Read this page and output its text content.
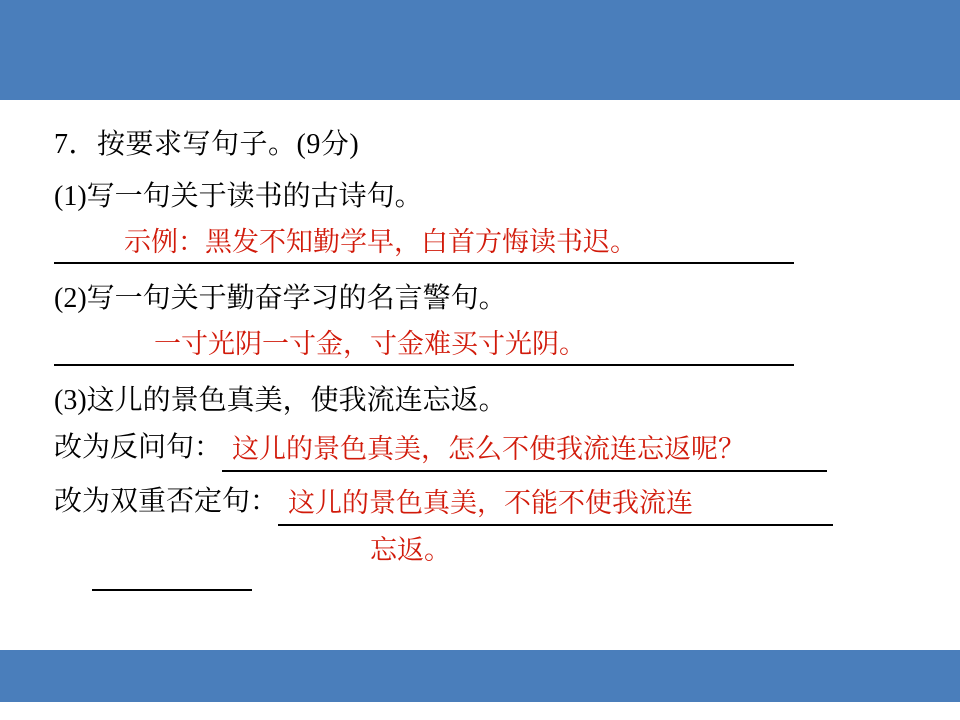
7．按要求写句子。(9分)
(1)写一句关于读书的古诗句。
示例：黑发不知勤学早，白首方悔读书迟。
(2)写一句关于勤奋学习的名言警句。
一寸光阴一寸金，寸金难买寸光阴。
(3)这儿的景色真美，使我流连忘返。
改为反问句： 这儿的景色真美，怎么不使我流连忘返呢？
改为双重否定句： 这儿的景色真美，不能不使我流连
忘返。
